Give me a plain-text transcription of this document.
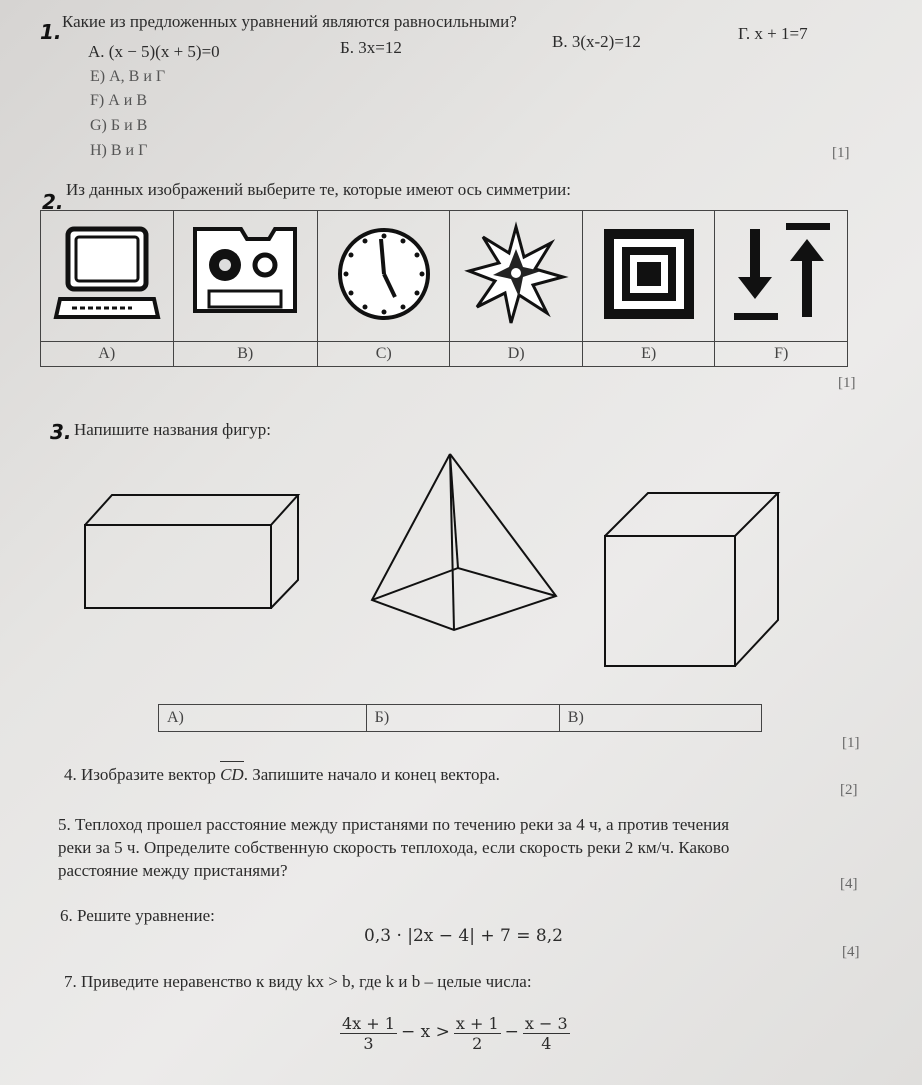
1. Какие из предложенных уравнений являются равносильными?
А. (x − 5)(x + 5)=0	Б. 3x=12	В. 3(x-2)=12	Г. x + 1=7
E) А, В и Г
F) А и В
G) Б и В
H) В и Г	[1]
2.
Из данных изображений выберите те, которые имеют ось симметрии:

A)	B)	C)	D)	E)	F)
[1]
3. Напишите названия фигур:
A)	Б)	В)
[1]
4. Изобразите вектор CD. Запишите начало и конец вектора.
[2]
5. Теплоход прошел расстояние между пристанями по течению реки за 4 ч, а против течения
реки за 5 ч. Определите собственную скорость теплохода, если скорость реки 2 км/ч. Каково
расстояние между пристанями?
[4]
6. Решите уравнение:
0,3 · |2x − 4| + 7 = 8,2
[4]
7. Приведите неравенство к виду kx > b, где k и b – целые числа:
$\frac{4x + 1}{3} - x > \frac{x + 1}{2} - \frac{x - 3}{4}$
